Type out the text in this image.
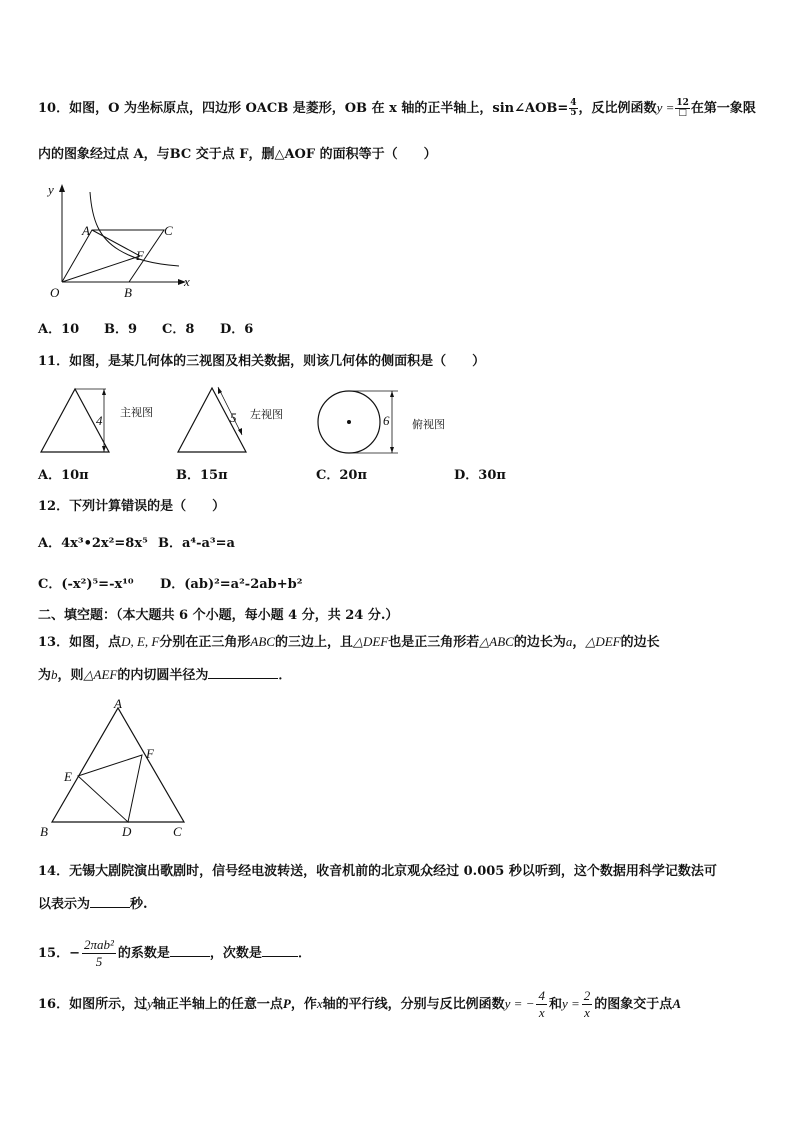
10．如图，O 为坐标原点，四边形 OACB 是菱形，OB 在 x 轴的正半轴上，sin∠AOB= $\frac{4}{5}$ ，反比例函数$y = \frac{12}{□}$ 在第一象限
内的图象经过点 A，与BC 交于点 F，删△AOF 的面积等于（　　）
y
x
O
A
B
C
F
A．10 B．9 C．8 D．6
11．如图，是某几何体的三视图及相关数据，则该几何体的侧面积是（　　）
4
主视图	5 左视图	6 俯视图
A．10π	B．15π	C．20π	D．30π
12．下列计算错误的是（　　）
A．4x³•2x²=8x⁵ B．a⁴-a³=a
C．(-x²)⁵=-x¹⁰ D．(ab)²=a²-2ab+b²
二、填空题：（本大题共 6 个小题，每小题 4 分，共 24 分.）
13．如图，点D, E, F分别在正三角形ABC的三边上，且△DEF也是正三角形若△ABC的边长为a，△DEF的边长
为b，则△AEF的内切圆半径为	．
A
B	C
D
E
F
14．无锡大剧院演出歌剧时，信号经电波转送，收音机前的北京观众经过 0.005 秒以听到，这个数据用科学记数法可
以表示为	秒.
15．− $\frac{\text{2πab²}}{5}$ 的系数是	，次数是	．
16．如图所示，过y轴正半轴上的任意一点P，作x轴的平行线，分别与反比例函数y = − $\frac{4}{x}$ 和$y = \frac{2}{x}$ 的图象交于点A
